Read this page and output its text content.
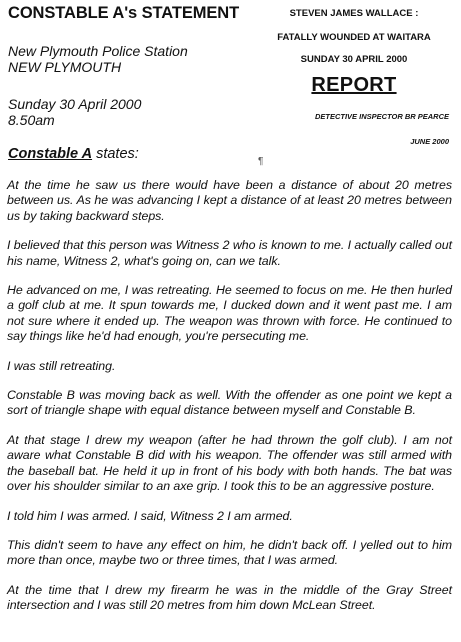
CONSTABLE A's STATEMENT
New Plymouth Police Station
NEW PLYMOUTH
Sunday 30 April 2000
8.50am
Constable A states:
STEVEN JAMES WALLACE :
FATALLY WOUNDED AT WAITARA
SUNDAY 30 APRIL 2000
REPORT
DETECTIVE INSPECTOR BR PEARCE
JUNE 2000
¶

At the time he saw us there would have been a distance of about 20 metres between us. As he was advancing I kept a distance of at least 20 metres between us by taking backward steps.

I believed that this person was Witness 2 who is known to me. I actually called out his name, Witness 2, what's going on, can we talk.

He advanced on me, I was retreating. He seemed to focus on me. He then hurled a golf club at me. It spun towards me, I ducked down and it went past me. I am not sure where it ended up. The weapon was thrown with force. He continued to say things like he'd had enough, you're persecuting me.

I was still retreating.

Constable B was moving back as well. With the offender as one point we kept a sort of triangle shape with equal distance between myself and Constable B.

At that stage I drew my weapon (after he had thrown the golf club). I am not aware what Constable B did with his weapon. The offender was still armed with the baseball bat. He held it up in front of his body with both hands. The bat was over his shoulder similar to an axe grip. I took this to be an aggressive posture.

I told him I was armed. I said, Witness 2 I am armed.

This didn't seem to have any effect on him, he didn't back off. I yelled out to him more than once, maybe two or three times, that I was armed.

At the time that I drew my firearm he was in the middle of the Gray Street intersection and I was still 20 metres from him down McLean Street.
